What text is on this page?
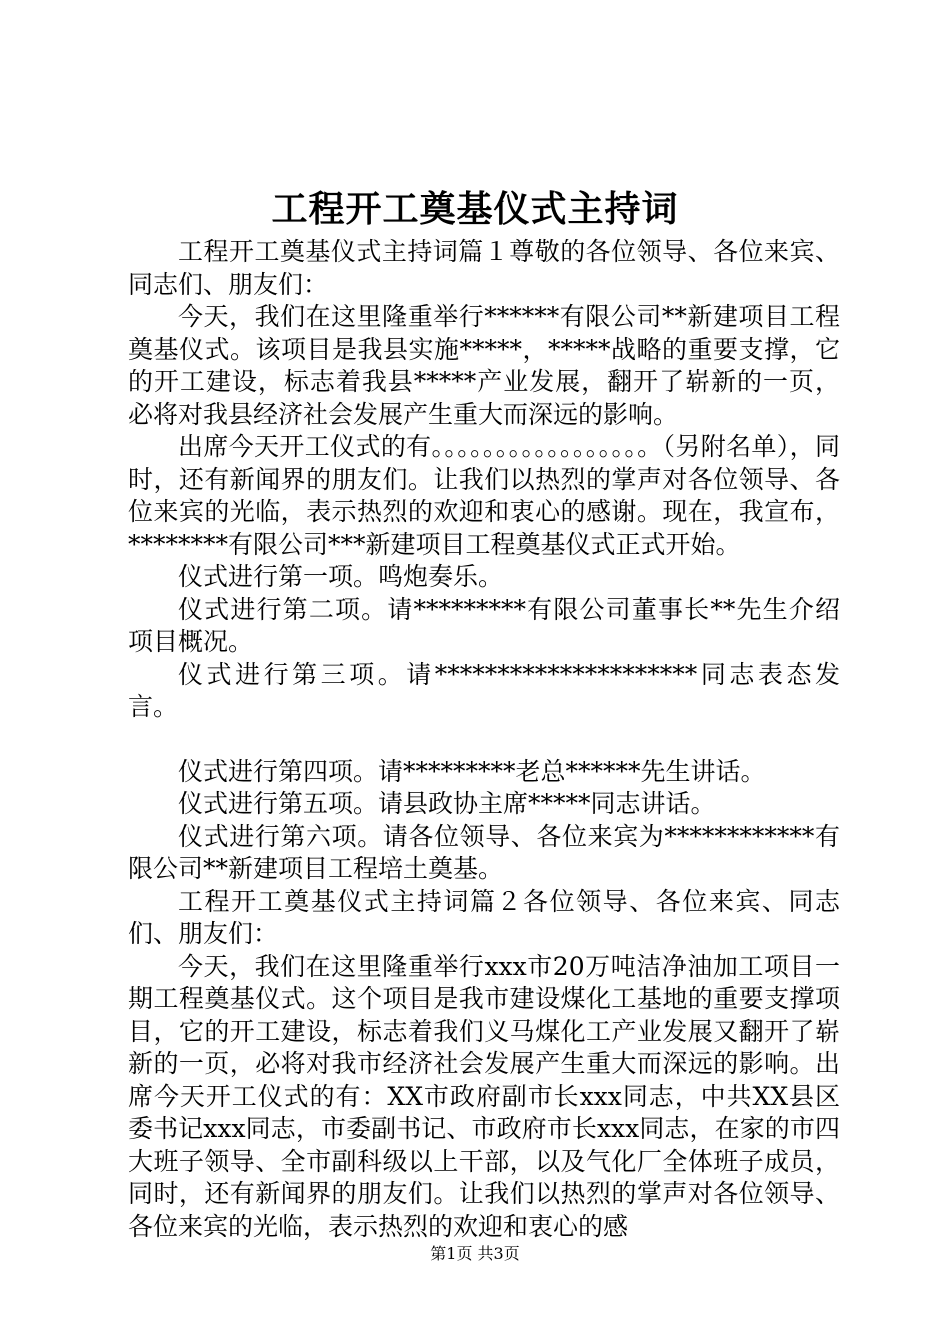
工程开工奠基仪式主持词

工程开工奠基仪式主持词篇１尊敬的各位领导、各位来宾、同志们、朋友们：

今天，我们在这里隆重举行******有限公司**新建项目工程奠基仪式。该项目是我县实施*****，*****战略的重要支撑，它的开工建设，标志着我县*****产业发展，翻开了崭新的一页，必将对我县经济社会发展产生重大而深远的影响。

出席今天开工仪式的有。。。。。。。。。。。。。。。。。（另附名单），同时，还有新闻界的朋友们。让我们以热烈的掌声对各位领导、各位来宾的光临，表示热烈的欢迎和衷心的感谢。现在，我宣布，********有限公司***新建项目工程奠基仪式正式开始。

仪式进行第一项。鸣炮奏乐。

仪式进行第二项。请*********有限公司董事长**先生介绍项目概况。

仪式进行第三项。请*********************同志表态发言。

仪式进行第四项。请*********老总******先生讲话。

仪式进行第五项。请县政协主席*****同志讲话。

仪式进行第六项。请各位领导、各位来宾为************有限公司**新建项目工程培土奠基。

工程开工奠基仪式主持词篇２各位领导、各位来宾、同志们、朋友们：

今天，我们在这里隆重举行xxx市20万吨洁净油加工项目一期工程奠基仪式。这个项目是我市建设煤化工基地的重要支撑项目，它的开工建设，标志着我们义马煤化工产业发展又翻开了崭新的一页，必将对我市经济社会发展产生重大而深远的影响。出席今天开工仪式的有：XX市政府副市长xxx同志，中共XX县区委书记xxx同志，市委副书记、市政府市长xxx同志，在家的市四大班子领导、全市副科级以上干部，以及气化厂全体班子成员，同时，还有新闻界的朋友们。让我们以热烈的掌声对各位领导、各位来宾的光临，表示热烈的欢迎和衷心的感

第1页 共3页
